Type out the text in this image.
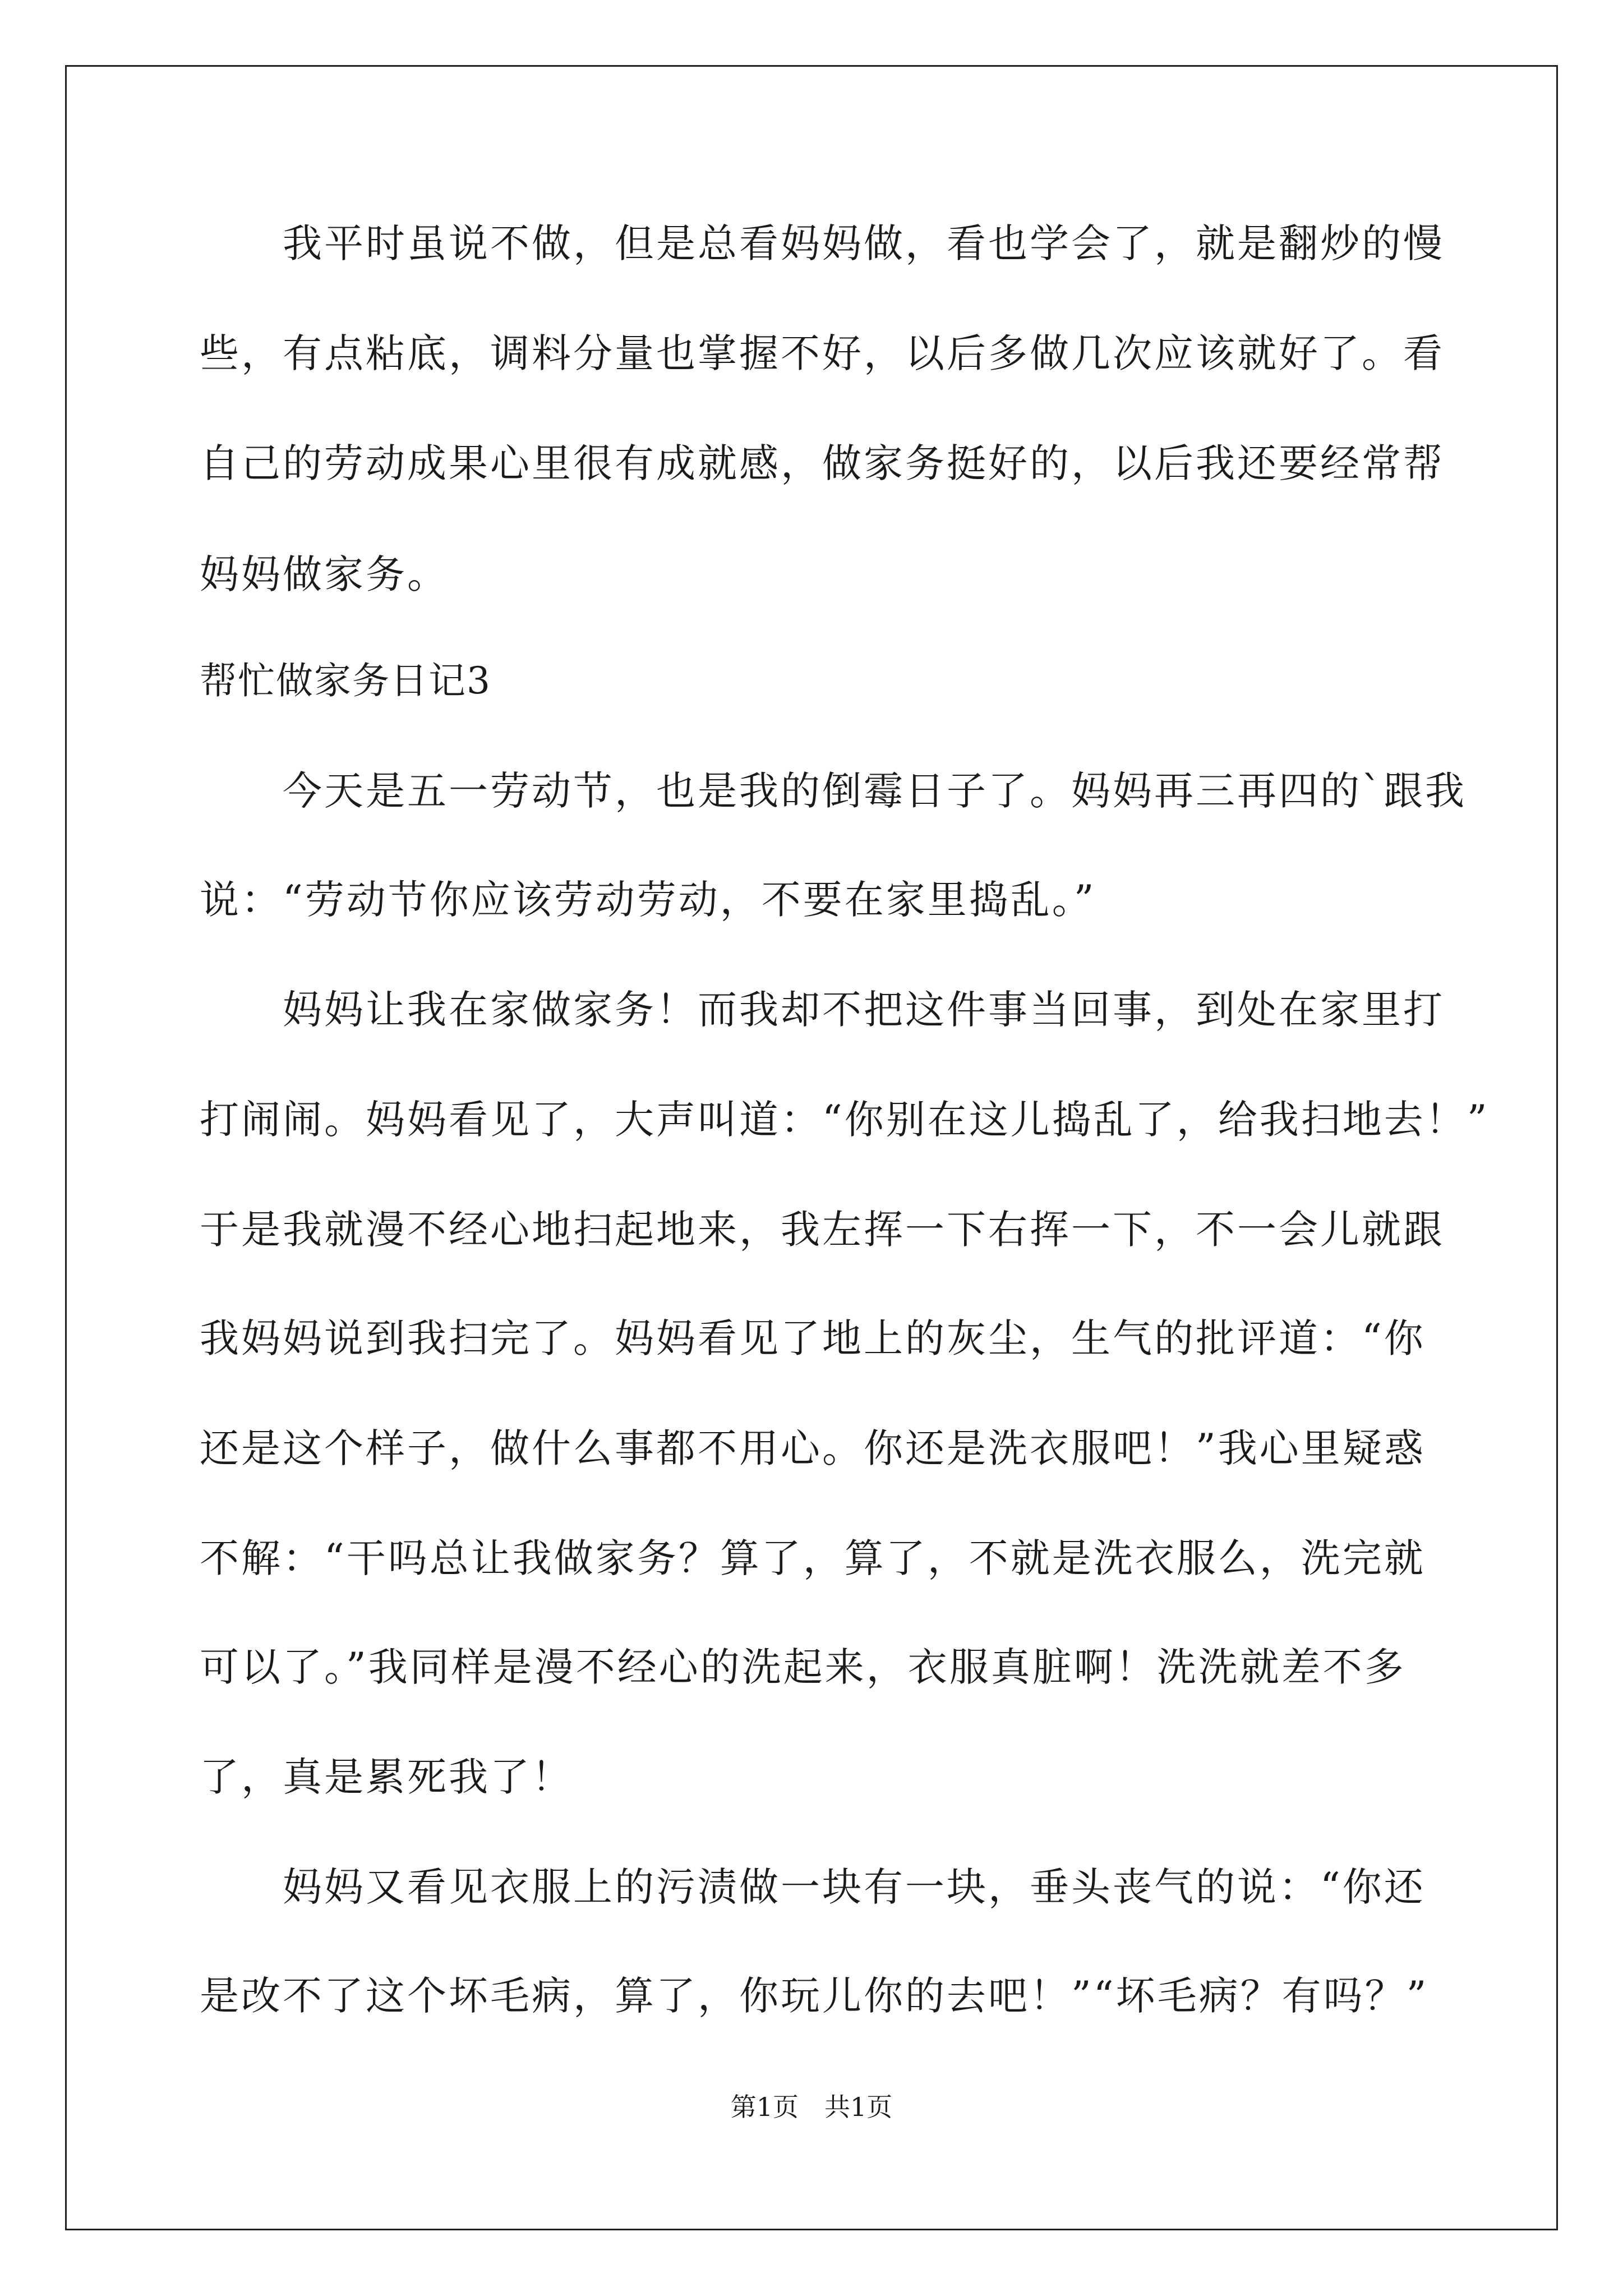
我平时虽说不做，但是总看妈妈做，看也学会了，就是翻炒的慢
些，有点粘底，调料分量也掌握不好，以后多做几次应该就好了。看
自己的劳动成果心里很有成就感，做家务挺好的，以后我还要经常帮
妈妈做家务。
帮忙做家务日记3
今天是五一劳动节，也是我的倒霉日子了。妈妈再三再四的`跟我
说：“劳动节你应该劳动劳动，不要在家里捣乱。”
妈妈让我在家做家务！而我却不把这件事当回事，到处在家里打
打闹闹。妈妈看见了，大声叫道：“你别在这儿捣乱了，给我扫地去！”
于是我就漫不经心地扫起地来，我左挥一下右挥一下，不一会儿就跟
我妈妈说到我扫完了。妈妈看见了地上的灰尘，生气的批评道：“你
还是这个样子，做什么事都不用心。你还是洗衣服吧！”我心里疑惑
不解：“干吗总让我做家务？算了，算了，不就是洗衣服么，洗完就
可以了。”我同样是漫不经心的洗起来，衣服真脏啊！洗洗就差不多
了，真是累死我了！
妈妈又看见衣服上的污渍做一块有一块，垂头丧气的说：“你还
是改不了这个坏毛病，算了，你玩儿你的去吧！”“坏毛病？有吗？”
第1页　共1页
